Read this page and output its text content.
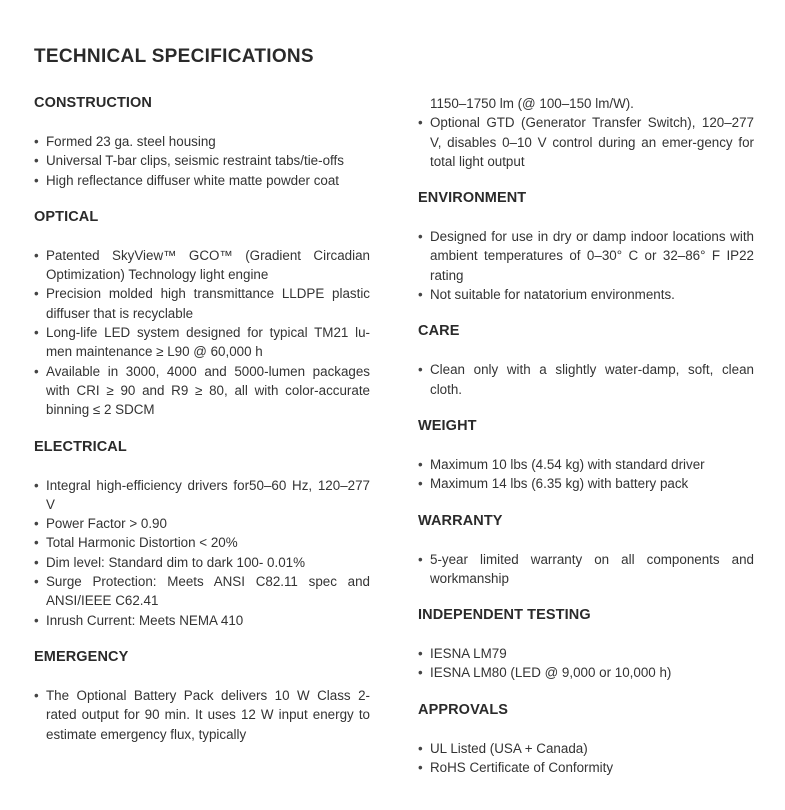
TECHNICAL SPECIFICATIONS
CONSTRUCTION
• Formed 23 ga. steel housing
• Universal T-bar clips, seismic restraint tabs/tie-offs
• High reflectance diffuser white matte powder coat
OPTICAL
• Patented SkyView™ GCO™ (Gradient Circadian Optimization) Technology light engine
• Precision molded high transmittance LLDPE plastic diffuser that is recyclable
• Long-life LED system designed for typical TM21 lu-men maintenance ≥ L90 @ 60,000 h
• Available in 3000, 4000 and 5000-lumen packages with CRI ≥ 90 and R9 ≥ 80, all with color-accurate binning ≤ 2 SDCM
ELECTRICAL
• Integral high-efficiency drivers for50–60 Hz, 120–277 V
• Power Factor > 0.90
• Total Harmonic Distortion < 20%
• Dim level: Standard dim to dark 100- 0.01%
• Surge Protection: Meets ANSI C82.11 spec and ANSI/IEEE C62.41
• Inrush Current: Meets NEMA 410
EMERGENCY
• The Optional Battery Pack delivers 10 W Class 2-rated output for 90 min. It uses 12 W input energy to estimate emergency flux, typically

1150–1750 lm (@ 100–150 lm/W).

• Optional GTD (Generator Transfer Switch), 120–277 V, disables 0–10 V control during an emer-gency for total light output
ENVIRONMENT
• Designed for use in dry or damp indoor locations with ambient temperatures of 0–30° C or 32–86° F IP22 rating
• Not suitable for natatorium environments.
CARE
• Clean only with a slightly water-damp, soft, clean cloth.
WEIGHT
• Maximum 10 lbs (4.54 kg) with standard driver
• Maximum 14 lbs (6.35 kg) with battery pack
WARRANTY
• 5-year limited warranty on all components and workmanship
INDEPENDENT TESTING
• IESNA LM79
• IESNA LM80 (LED @ 9,000 or 10,000 h)
APPROVALS
• UL Listed (USA + Canada)
• RoHS Certificate of Conformity
